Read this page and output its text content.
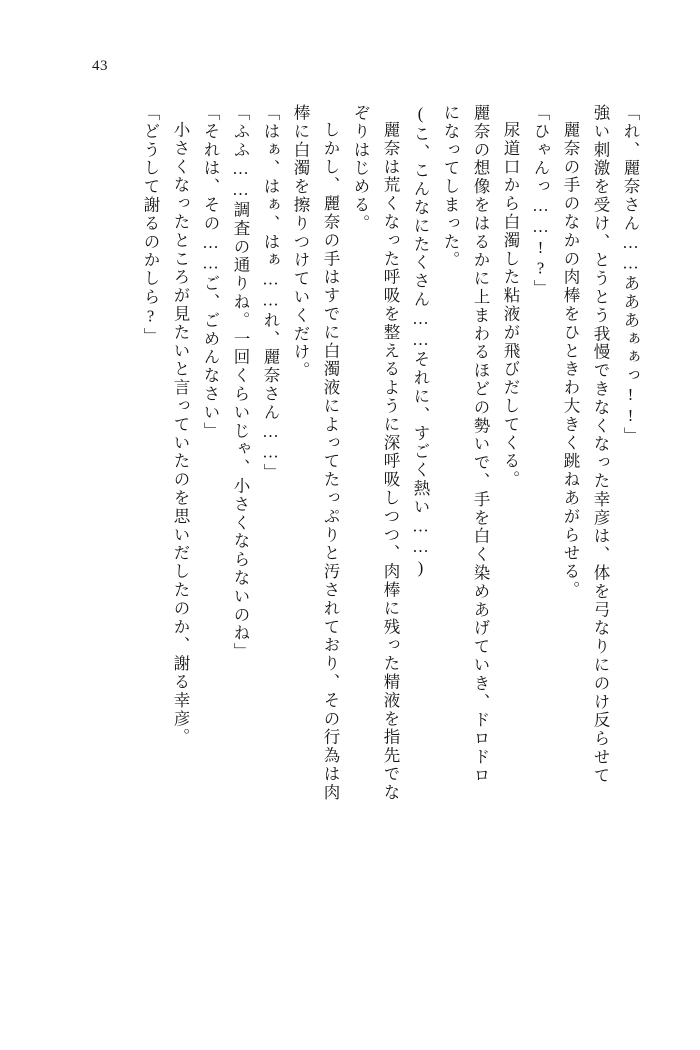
43
「れ、麗奈さん……あああぁぁっ!!」
強い刺激を受け、とうとう我慢できなくなった幸彦は、体を弓なりにのけ反らせて
麗奈の手のなかの肉棒をひときわ大きく跳ねあがらせる。
「ひゃんっ……!?」
尿道口から白濁した粘液が飛びだしてくる。
麗奈の想像をはるかに上まわるほどの勢いで、手を白く染めあげていき、ドロドロ
になってしまった。
(こ、こんなにたくさん……それに、すごく熱い……)
麗奈は荒くなった呼吸を整えるように深呼吸しつつ、肉棒に残った精液を指先でな
ぞりはじめる。
しかし、麗奈の手はすでに白濁液によってたっぷりと汚されており、その行為は肉
棒に白濁を擦りつけていくだけ。
「はぁ、はぁ、はぁ……れ、麗奈さん……」
「ふふ……調査の通りね。一回くらいじゃ、小さくならないのね」
「それは、その……ご、ごめんなさい」
小さくなったところが見たいと言っていたのを思いだしたのか、謝る幸彦。
「どうして謝るのかしら?」
